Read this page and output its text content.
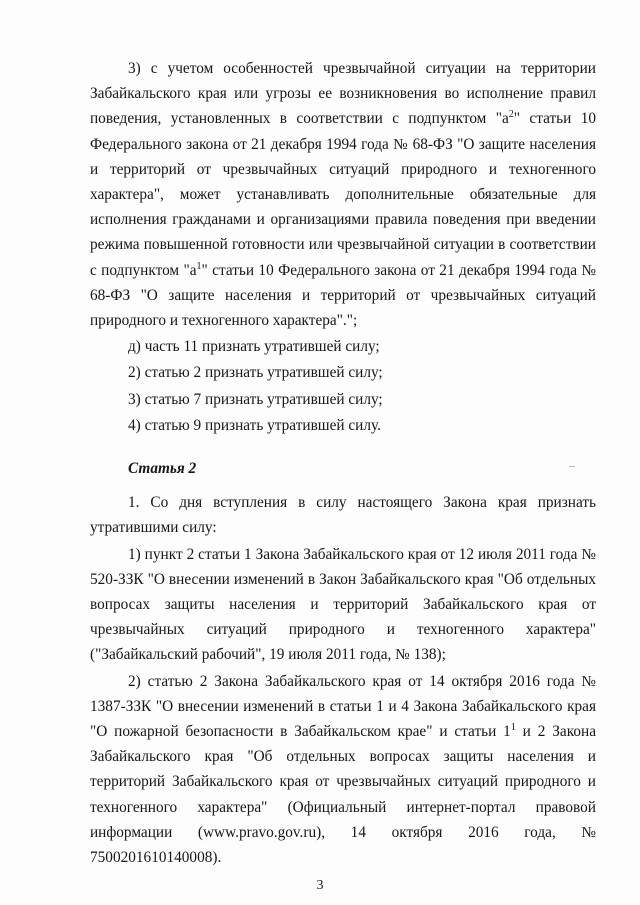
3) с учетом особенностей чрезвычайной ситуации на территории Забайкальского края или угрозы ее возникновения во исполнение правил поведения, установленных в соответствии с подпунктом "$а^2$" статьи 10 Федерального закона от 21 декабря 1994 года № 68-ФЗ "О защите населения и территорий от чрезвычайных ситуаций природного и техногенного характера", может устанавливать дополнительные обязательные для исполнения гражданами и организациями правила поведения при введении режима повышенной готовности или чрезвычайной ситуации в соответствии с подпунктом "$а^1$" статьи 10 Федерального закона от 21 декабря 1994 года № 68-ФЗ "О защите населения и территорий от чрезвычайных ситуаций природного и техногенного характера".";

д) часть 11 признать утратившей силу;

2) статью 2 признать утратившей силу;

3) статью 7 признать утратившей силу;

4) статью 9 признать утратившей силу.

Статья 2

1. Со дня вступления в силу настоящего Закона края признать утратившими силу:

1) пункт 2 статьи 1 Закона Забайкальского края от 12 июля 2011 года № 520-ЗЗК "О внесении изменений в Закон Забайкальского края "Об отдельных вопросах защиты населения и территорий Забайкальского края от чрезвычайных ситуаций природного и техногенного характера" ("Забайкальский рабочий", 19 июля 2011 года, № 138);

2) статью 2 Закона Забайкальского края от 14 октября 2016 года № 1387-ЗЗК "О внесении изменений в статьи 1 и 4 Закона Забайкальского края "О пожарной безопасности в Забайкальском крае" и статьи $1^1$ и 2 Закона Забайкальского края "Об отдельных вопросах защиты населения и территорий Забайкальского края от чрезвычайных ситуаций природного и техногенного характера" (Официальный интернет-портал правовой информации (www.pravo.gov.ru), 14 октября 2016 года, № 7500201610140008).

3
